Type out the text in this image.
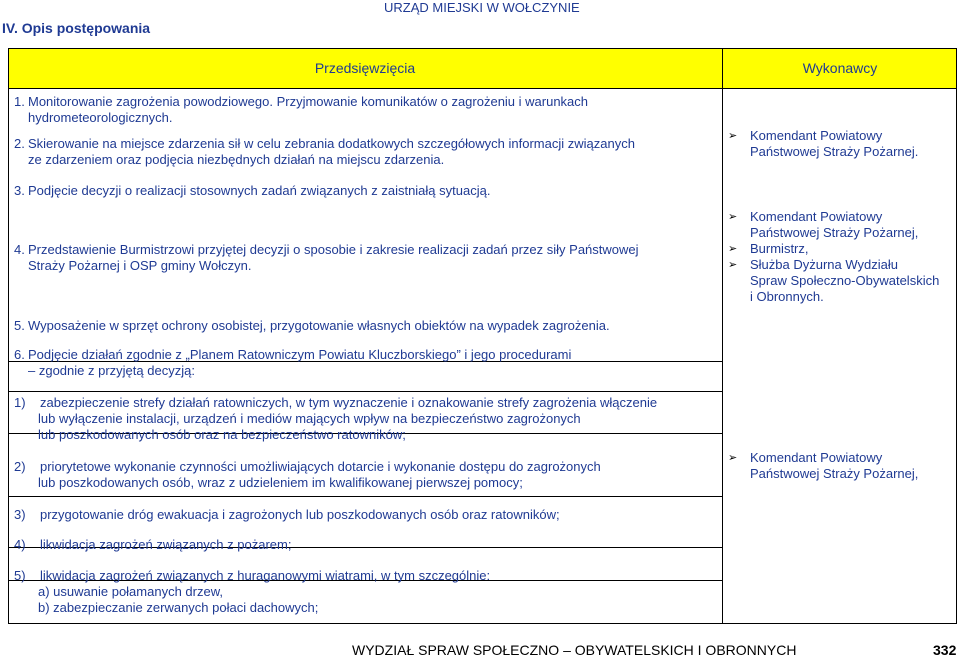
IV. Opis postępowania
URZĄD MIEJSKI W WOŁCZYNIE
Przedsięwzięcia	Wykonawcy
1. Monitorowanie zagrożenia powodziowego. Przyjmowanie komunikatów o zagrożeniu i warunkach
hydrometeorologicznych.
2. Skierowanie na miejsce zdarzenia sił w celu zebrania dodatkowych szczegółowych informacji związanych
ze zdarzeniem oraz podjęcia niezbędnych działań na miejscu zdarzenia.
3. Podjęcie decyzji o realizacji stosownych zadań związanych z zaistniałą sytuacją.
4. Przedstawienie Burmistrzowi przyjętej decyzji o sposobie i zakresie realizacji zadań przez siły Państwowej
Straży Pożarnej i OSP gminy Wołczyn.
5. Wyposażenie w sprzęt ochrony osobistej, przygotowanie własnych obiektów na wypadek zagrożenia.
6. Podjęcie działań zgodnie z „Planem Ratowniczym Powiatu Kluczborskiego” i jego procedurami
– zgodnie z przyjętą decyzją:
1) zabezpieczenie strefy działań ratowniczych, w tym wyznaczenie i oznakowanie strefy zagrożenia włączenie
lub wyłączenie instalacji, urządzeń i mediów mających wpływ na bezpieczeństwo zagrożonych
lub poszkodowanych osób oraz na bezpieczeństwo ratowników;
2) priorytetowe wykonanie czynności umożliwiających dotarcie i wykonanie dostępu do zagrożonych
lub poszkodowanych osób, wraz z udzieleniem im kwalifikowanej pierwszej pomocy;
3) przygotowanie dróg ewakuacja i zagrożonych lub poszkodowanych osób oraz ratowników;
4) likwidacja zagrożeń związanych z pożarem;
5) likwidacja zagrożeń związanych z huraganowymi wiatrami, w tym szczególnie:
a) usuwanie połamanych drzew,
b) zabezpieczanie zerwanych połaci dachowych;
➢ Komendant Powiatowy
Państwowej Straży Pożarnej.
➢ Komendant Powiatowy
Państwowej Straży Pożarnej,
➢ Burmistrz,
➢ Służba Dyżurna Wydziału
Spraw Społeczno-Obywatelskich
i Obronnych.
➢ Komendant Powiatowy
Państwowej Straży Pożarnej,
WYDZIAŁ SPRAW SPOŁECZNO – OBYWATELSKICH I OBRONNYCH	332
